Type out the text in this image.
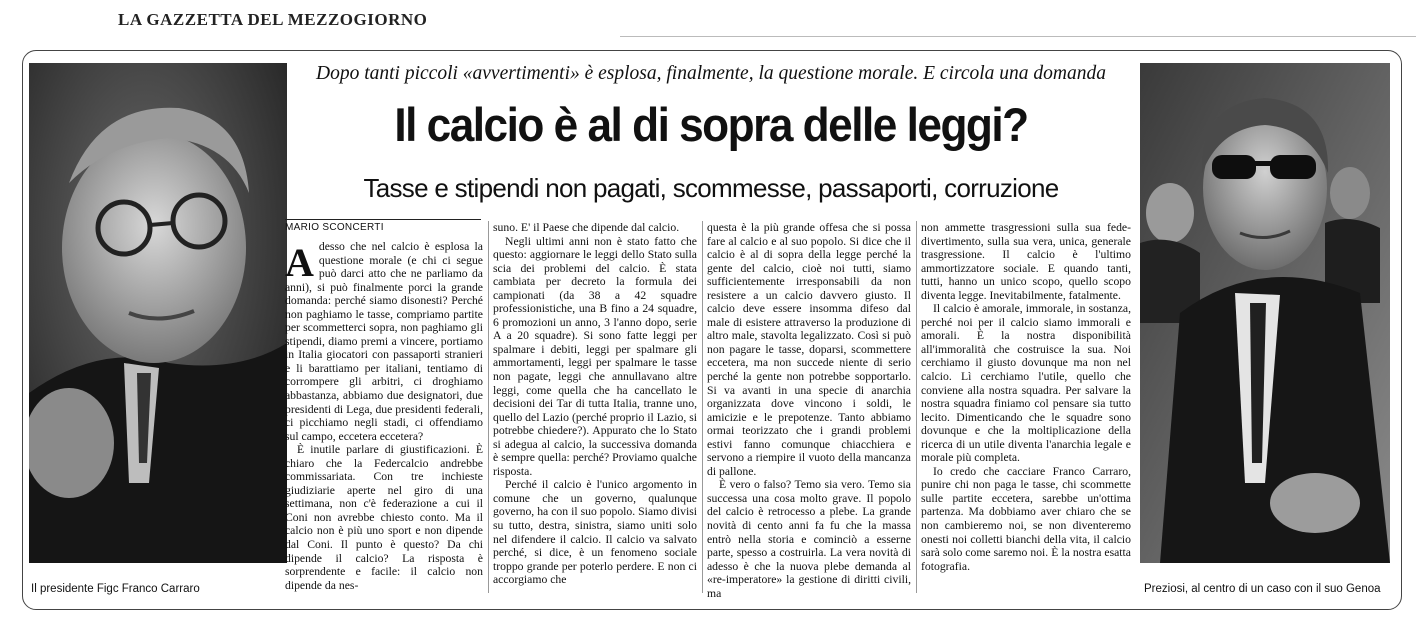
LA GAZZETTA DEL MEZZOGIORNO
Il presidente Figc Franco Carraro	Preziosi, al centro di un caso con il suo Genoa
Dopo tanti piccoli «avvertimenti» è esplosa, finalmente, la questione morale. E circola una domanda
Il calcio è al di sopra delle leggi?
Tasse e stipendi non pagati, scommesse, passaporti, corruzione
MARIO SCONCERTI

Adesso che nel calcio è esplosa la questione morale (e chi ci segue può darci atto che ne parliamo da anni), si può finalmente porci la grande domanda: perché siamo disonesti? Perché non paghiamo le tasse, compriamo partite per scommetterci sopra, non paghiamo gli stipendi, diamo premi a vincere, portiamo in Italia giocatori con passaporti stranieri e li barattiamo per italiani, tentiamo di corrompere gli arbitri, ci droghiamo abbastanza, abbiamo due designatori, due presidenti di Lega, due presidenti federali, ci picchiamo negli stadi, ci offendiamo sul campo, eccetera eccetera?

È inutile parlare di giustificazioni. È chiaro che la Federcalcio andrebbe commissariata. Con tre inchieste giudiziarie aperte nel giro di una settimana, non c'è federazione a cui il Coni non avrebbe chiesto conto. Ma il calcio non è più uno sport e non dipende dal Coni. Il punto è questo? Da chi dipende il calcio? La risposta è sorprendente e facile: il calcio non dipende da nes-

suno. E' il Paese che dipende dal calcio.

Negli ultimi anni non è stato fatto che questo: aggiornare le leggi dello Stato sulla scia dei problemi del calcio. È stata cambiata per decreto la formula dei campionati (da 38 a 42 squadre professionistiche, una B fino a 24 squadre, 6 promozioni un anno, 3 l'anno dopo, serie A a 20 squadre). Si sono fatte leggi per spalmare i debiti, leggi per spalmare gli ammortamenti, leggi per spalmare le tasse non pagate, leggi che annullavano altre leggi, come quella che ha cancellato le decisioni dei Tar di tutta Italia, tranne uno, quello del Lazio (perché proprio il Lazio, si potrebbe chiedere?). Appurato che lo Stato si adegua al calcio, la successiva domanda è sempre quella: perché? Proviamo qualche risposta.

Perché il calcio è l'unico argomento in comune che un governo, qualunque governo, ha con il suo popolo. Siamo divisi su tutto, destra, sinistra, siamo uniti solo nel difendere il calcio. Il calcio va salvato perché, si dice, è un fenomeno sociale troppo grande per poterlo perdere. E non ci accorgiamo che

questa è la più grande offesa che si possa fare al calcio e al suo popolo. Si dice che il calcio è al di sopra della legge perché la gente del calcio, cioè noi tutti, siamo sufficientemente irresponsabili da non resistere a un calcio davvero giusto. Il calcio deve essere insomma difeso dal male di esistere attraverso la produzione di altro male, stavolta legalizzato. Così si può non pagare le tasse, doparsi, scommettere eccetera, ma non succede niente di serio perché la gente non potrebbe sopportarlo. Si va avanti in una specie di anarchia organizzata dove vincono i soldi, le amicizie e le prepotenze. Tanto abbiamo ormai teorizzato che i grandi problemi estivi fanno comunque chiacchiera e servono a riempire il vuoto della mancanza di pallone.

È vero o falso? Temo sia vero. Temo sia successa una cosa molto grave. Il popolo del calcio è retrocesso a plebe. La grande novità di cento anni fa fu che la massa entrò nella storia e cominciò a esserne parte, spesso a costruirla. La vera novità di adesso è che la nuova plebe demanda al «re-imperatore» la gestione di diritti civili, ma

non ammette trasgressioni sulla sua fede-divertimento, sulla sua vera, unica, generale trasgressione. Il calcio è l'ultimo ammortizzatore sociale. E quando tanti, tutti, hanno un unico scopo, quello scopo diventa legge. Inevitabilmente, fatalmente.

Il calcio è amorale, immorale, in sostanza, perché noi per il calcio siamo immorali e amorali. È la nostra disponibilità all'immoralità che costruisce la sua. Noi cerchiamo il giusto dovunque ma non nel calcio. Lì cerchiamo l'utile, quello che conviene alla nostra squadra. Per salvare la nostra squadra finiamo col pensare sia tutto lecito. Dimenticando che le squadre sono dovunque e che la moltiplicazione della ricerca di un utile diventa l'anarchia legale e morale più completa.

Io credo che cacciare Franco Carraro, punire chi non paga le tasse, chi scommette sulle partite eccetera, sarebbe un'ottima partenza. Ma dobbiamo aver chiaro che se non cambieremo noi, se non diventeremo onesti noi colletti bianchi della vita, il calcio sarà solo come saremo noi. È la nostra esatta fotografia.
